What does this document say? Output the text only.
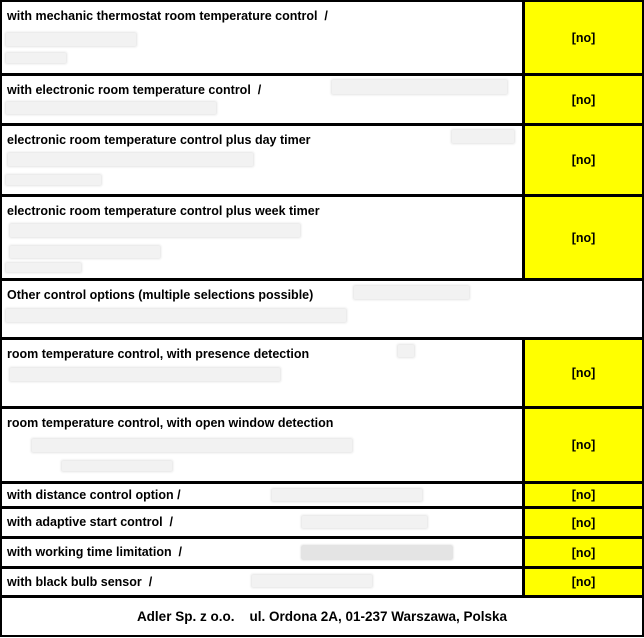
with mechanic thermostat room temperature control  /
[no]
with electronic room temperature control  /
[no]
electronic room temperature control plus day timer
[no]
electronic room temperature control plus week timer
[no]
Other control options (multiple selections possible)
room temperature control, with presence detection
[no]
room temperature control, with open window detection
[no]
with distance control option /	[no]
with adaptive start control  /	[no]
with working time limitation  /	[no]
with black bulb sensor  /	[no]
Adler Sp. z o.o.    ul. Ordona 2A, 01-237 Warszawa, Polska
